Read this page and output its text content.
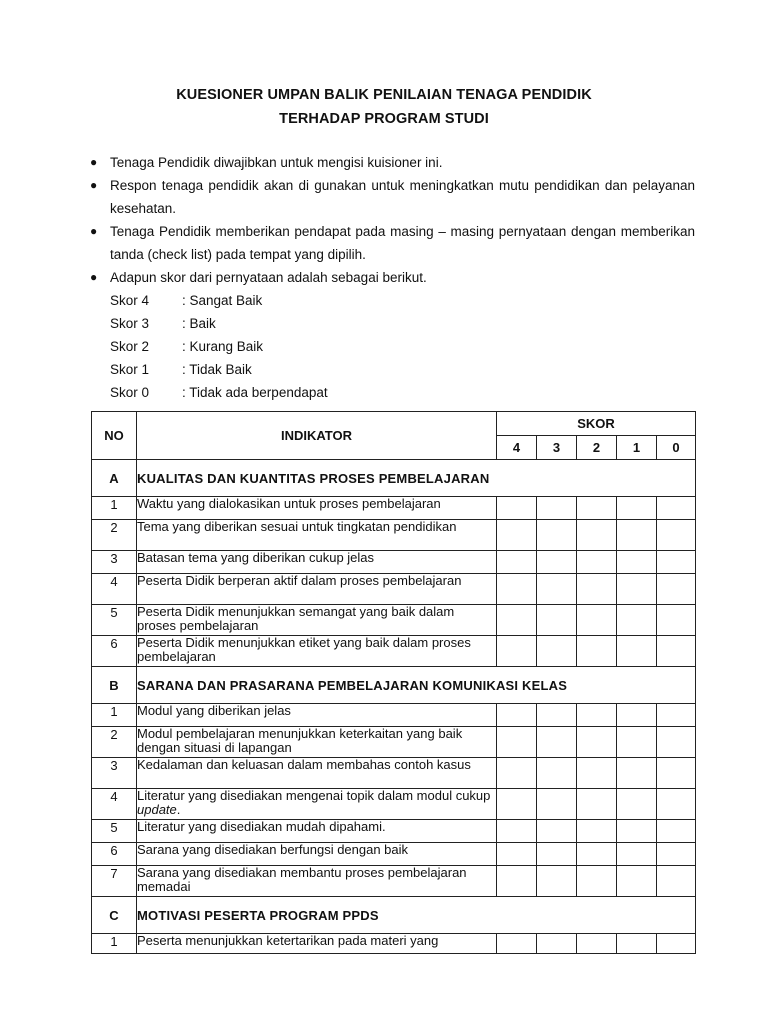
KUESIONER UMPAN BALIK PENILAIAN TENAGA PENDIDIK
TERHADAP PROGRAM STUDI
● Tenaga Pendidik diwajibkan untuk mengisi kuisioner ini.
● Respon tenaga pendidik akan di gunakan untuk meningkatkan mutu pendidikan dan pelayanan kesehatan.
● Tenaga Pendidik memberikan pendapat pada masing – masing pernyataan dengan memberikan tanda (check list) pada tempat yang dipilih.
● Adapun skor dari pernyataan adalah sebagai berikut.
Skor 4	: Sangat Baik
Skor 3	: Baik
Skor 2	: Kurang Baik
Skor 1	: Tidak Baik
Skor 0	: Tidak ada berpendapat
NO	INDIKATOR	SKOR				
		4	3	2	1	0
A	KUALITAS DAN KUANTITAS PROSES PEMBELAJARAN					
1	Waktu yang dialokasikan untuk proses pembelajaran					
2	Tema yang diberikan sesuai untuk tingkatan pendidikan					
3	Batasan tema yang diberikan cukup jelas					
4	Peserta Didik berperan aktif dalam proses pembelajaran					
5	Peserta Didik menunjukkan semangat yang baik dalam proses pembelajaran					
6	Peserta Didik menunjukkan etiket yang baik dalam proses pembelajaran					
B	SARANA DAN PRASARANA PEMBELAJARAN KOMUNIKASI KELAS					
1	Modul yang diberikan jelas					
2	Modul pembelajaran menunjukkan keterkaitan yang baik dengan situasi di lapangan					
3	Kedalaman dan keluasan dalam membahas contoh kasus					
4	Literatur yang disediakan mengenai topik dalam modul cukup update.					
5	Literatur yang disediakan mudah dipahami.					
6	Sarana yang disediakan berfungsi dengan baik					
7	Sarana yang disediakan membantu proses pembelajaran memadai					
C	MOTIVASI PESERTA PROGRAM PPDS					
1	Peserta menunjukkan ketertarikan pada materi yang					
